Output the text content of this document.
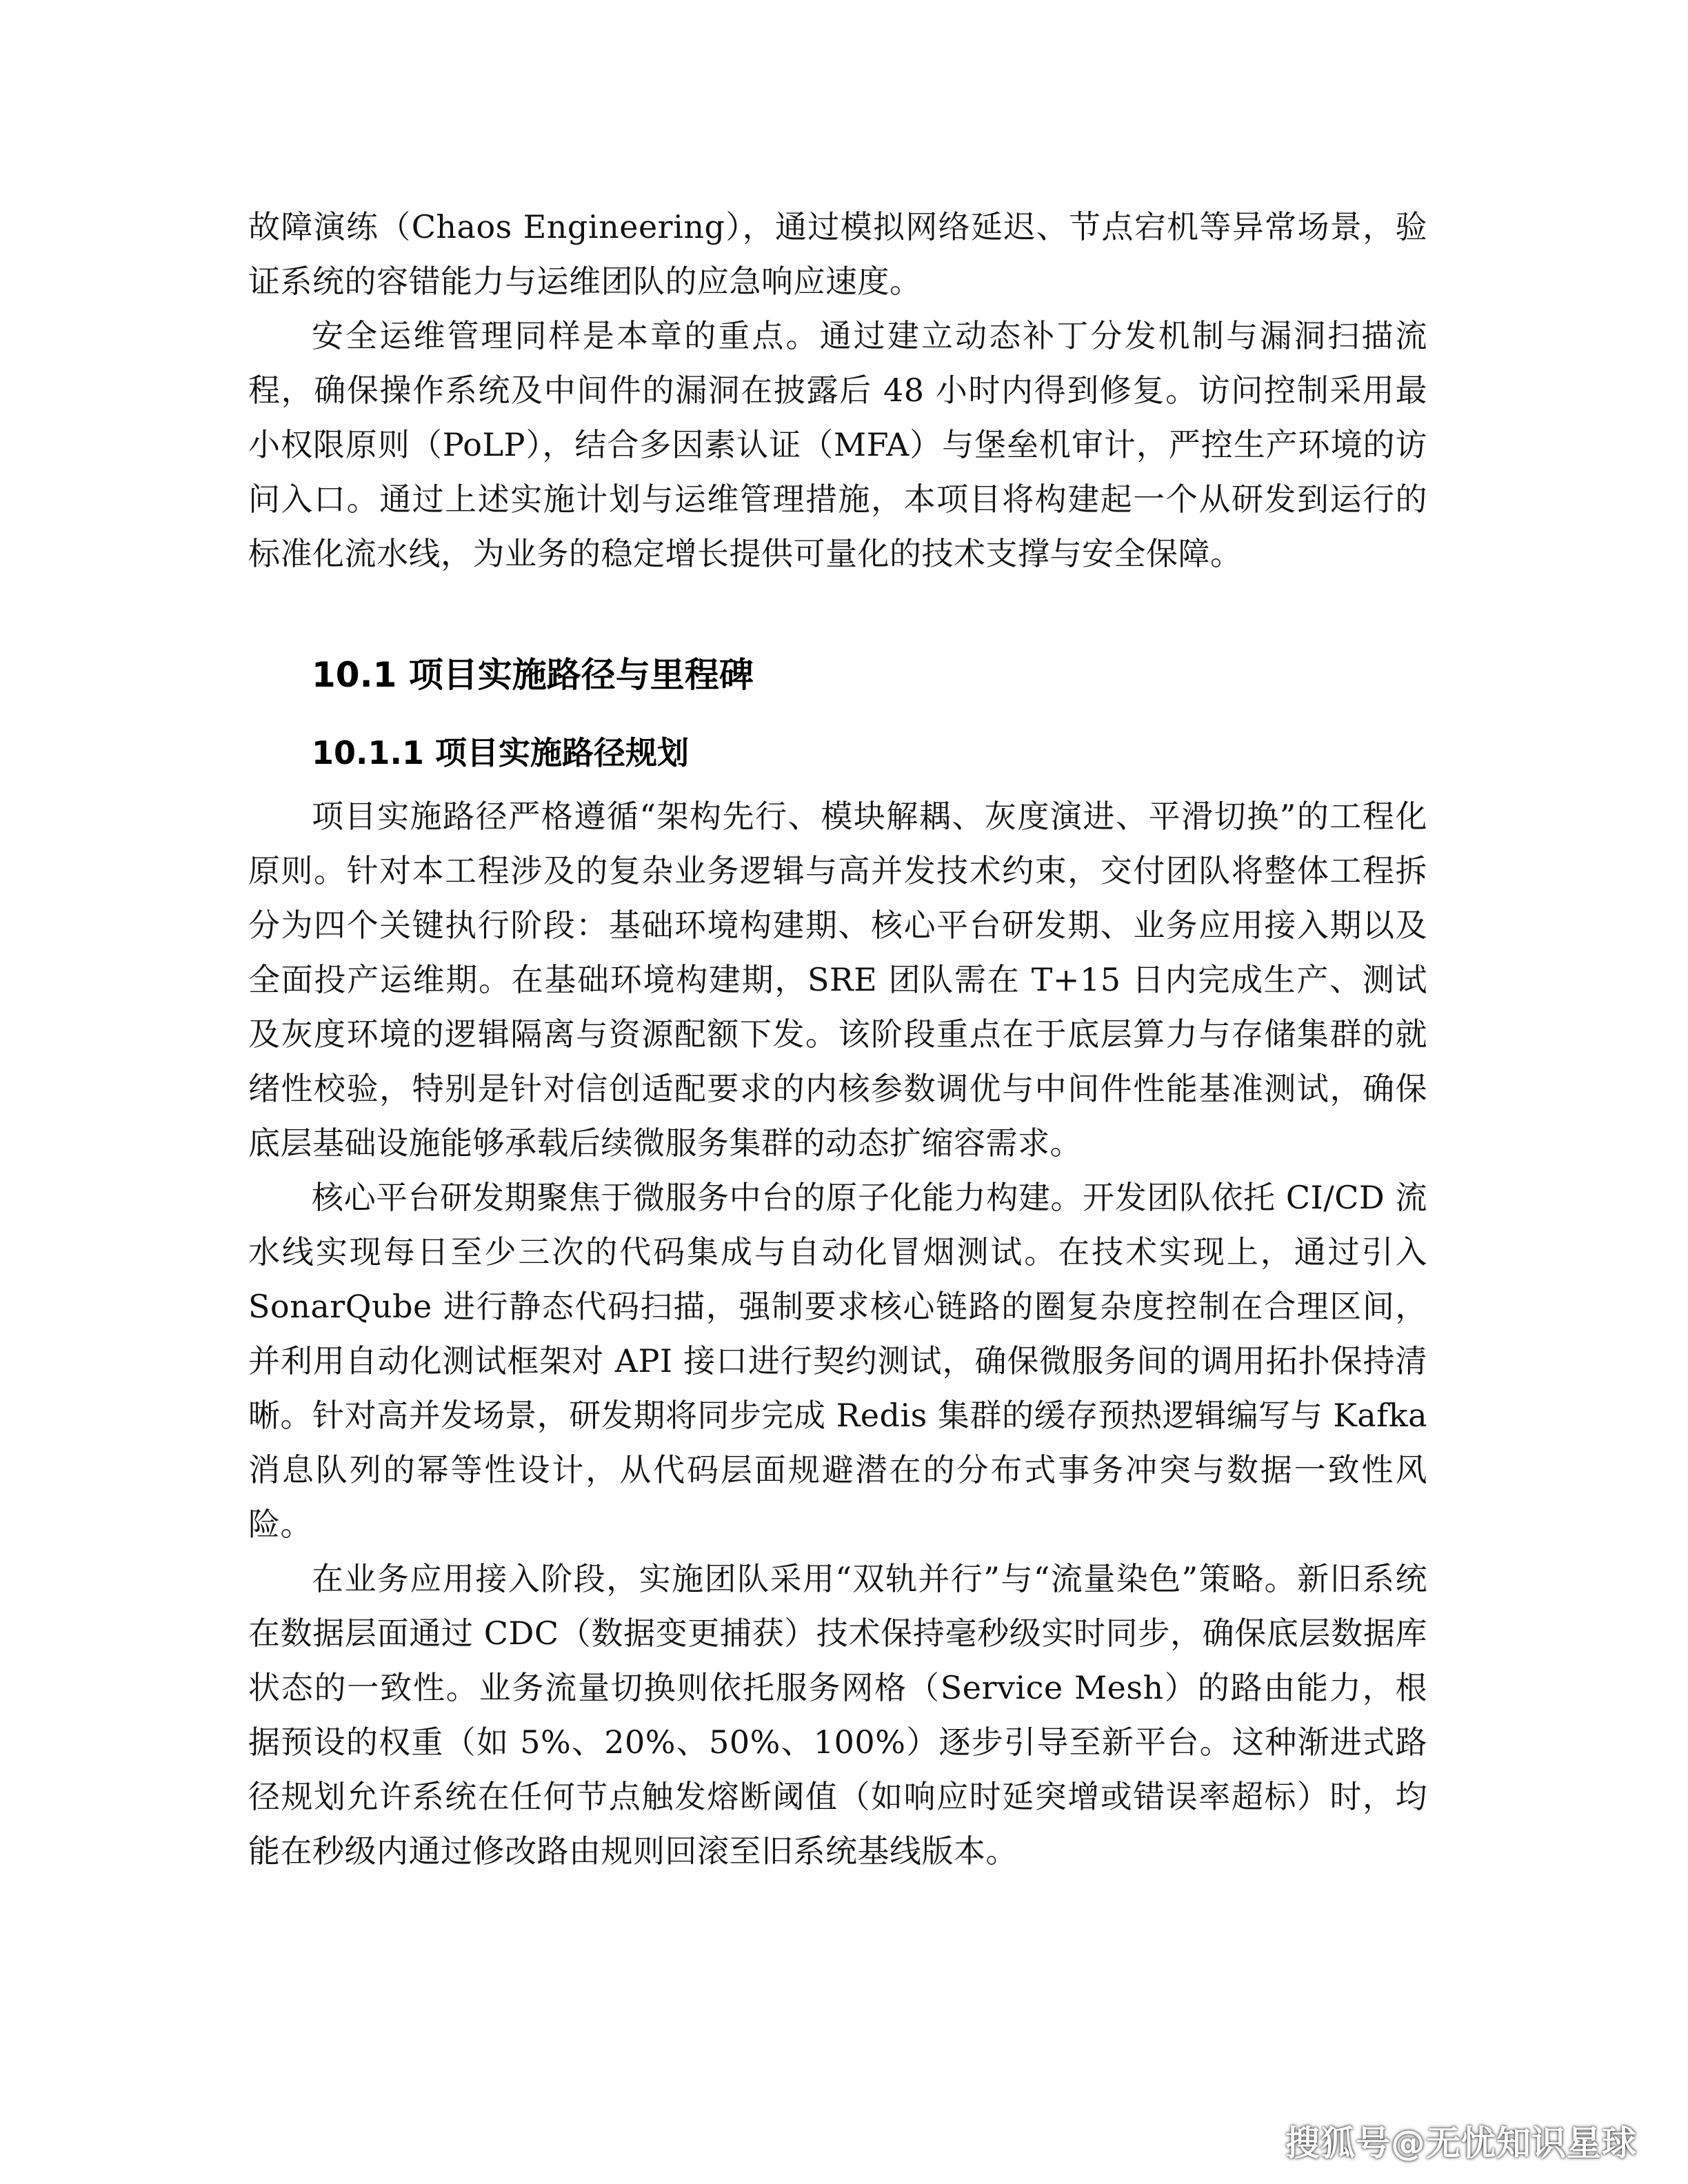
故障演练（Chaos Engineering），通过模拟网络延迟、节点宕机等异常场景，验证系统的容错能力与运维团队的应急响应速度。

安全运维管理同样是本章的重点。通过建立动态补丁分发机制与漏洞扫描流程，确保操作系统及中间件的漏洞在披露后 48 小时内得到修复。访问控制采用最小权限原则（PoLP），结合多因素认证（MFA）与堡垒机审计，严控生产环境的访问入口。通过上述实施计划与运维管理措施，本项目将构建起一个从研发到运行的标准化流水线，为业务的稳定增长提供可量化的技术支撑与安全保障。

10.1 项目实施路径与里程碑
10.1.1 项目实施路径规划

项目实施路径严格遵循“架构先行、模块解耦、灰度演进、平滑切换”的工程化原则。针对本工程涉及的复杂业务逻辑与高并发技术约束，交付团队将整体工程拆分为四个关键执行阶段：基础环境构建期、核心平台研发期、业务应用接入期以及全面投产运维期。在基础环境构建期，SRE 团队需在 T+15 日内完成生产、测试及灰度环境的逻辑隔离与资源配额下发。该阶段重点在于底层算力与存储集群的就绪性校验，特别是针对信创适配要求的内核参数调优与中间件性能基准测试，确保底层基础设施能够承载后续微服务集群的动态扩缩容需求。

核心平台研发期聚焦于微服务中台的原子化能力构建。开发团队依托 CI/CD 流水线实现每日至少三次的代码集成与自动化冒烟测试。在技术实现上，通过引入 SonarQube 进行静态代码扫描，强制要求核心链路的圈复杂度控制在合理区间，并利用自动化测试框架对 API 接口进行契约测试，确保微服务间的调用拓扑保持清晰。针对高并发场景，研发期将同步完成 Redis 集群的缓存预热逻辑编写与 Kafka 消息队列的幂等性设计，从代码层面规避潜在的分布式事务冲突与数据一致性风险。

在业务应用接入阶段，实施团队采用“双轨并行”与“流量染色”策略。新旧系统在数据层面通过 CDC（数据变更捕获）技术保持毫秒级实时同步，确保底层数据库状态的一致性。业务流量切换则依托服务网格（Service Mesh）的路由能力，根据预设的权重（如 5%、20%、50%、100%）逐步引导至新平台。这种渐进式路径规划允许系统在任何节点触发熔断阈值（如响应时延突增或错误率超标）时，均能在秒级内通过修改路由规则回滚至旧系统基线版本。

搜狐号@无忧知识星球
